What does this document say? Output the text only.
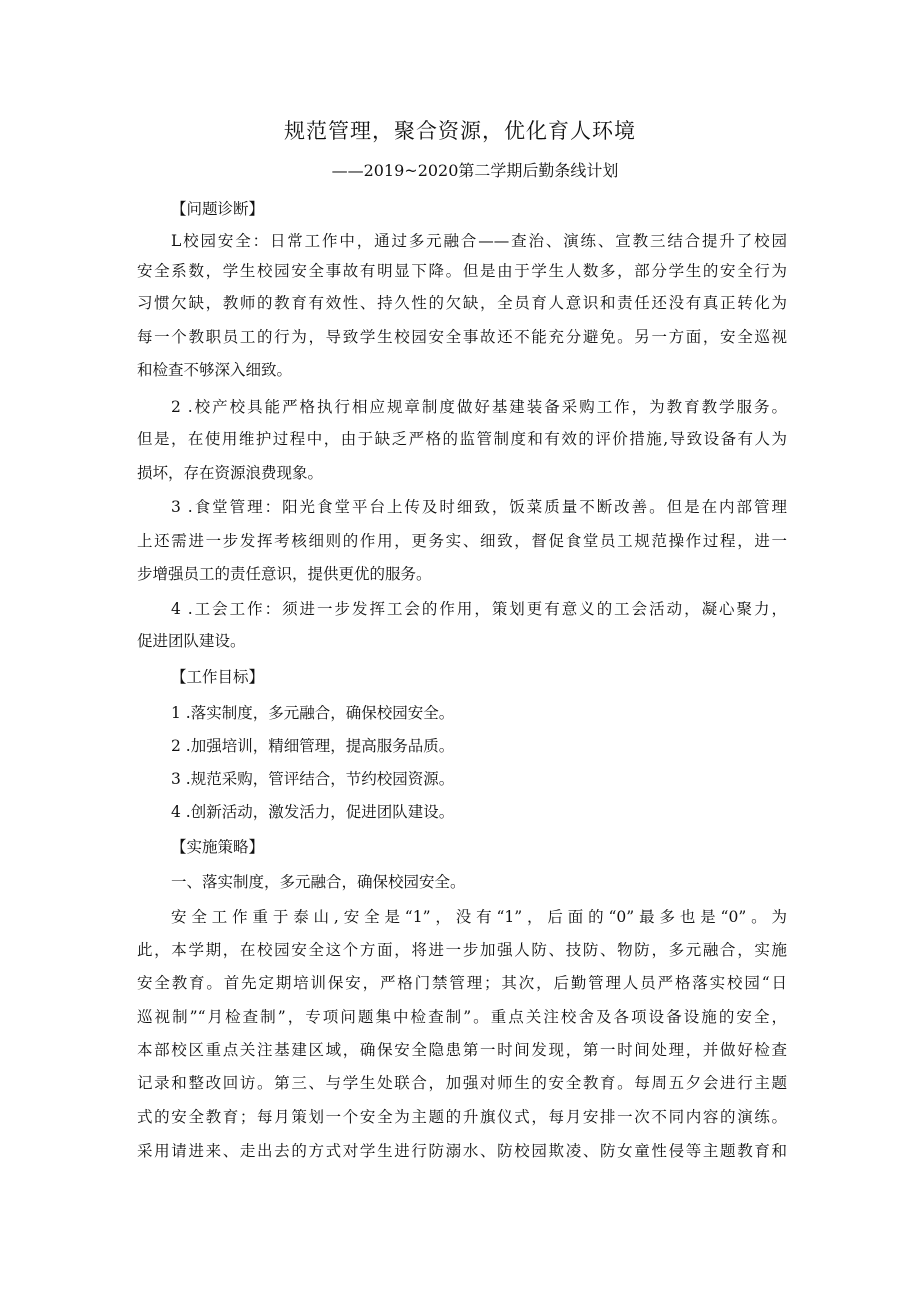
规范管理，聚合资源，优化育人环境
——2019~2020第二学期后勤条线计划
【问题诊断】
L校园安全：日常工作中，通过多元融合——查治、演练、宣教三结合提升了校园
安全系数，学生校园安全事故有明显下降。但是由于学生人数多，部分学生的安全行为
习惯欠缺，教师的教育有效性、持久性的欠缺，全员育人意识和责任还没有真正转化为
每一个教职员工的行为，导致学生校园安全事故还不能充分避免。另一方面，安全巡视
和检查不够深入细致。
2 .校产校具能严格执行相应规章制度做好基建装备采购工作，为教育教学服务。
但是，在使用维护过程中，由于缺乏严格的监管制度和有效的评价措施,导致设备有人为
损坏，存在资源浪费现象。
3 .食堂管理：阳光食堂平台上传及时细致，饭菜质量不断改善。但是在内部管理
上还需进一步发挥考核细则的作用，更务实、细致，督促食堂员工规范操作过程，进一
步增强员工的责任意识，提供更优的服务。
4 .工会工作：须进一步发挥工会的作用，策划更有意义的工会活动，凝心聚力，
促进团队建设。
【工作目标】
1 .落实制度，多元融合，确保校园安全。
2 .加强培训，精细管理，提高服务品质。
3 .规范采购，管评结合，节约校园资源。
4 .创新活动，激发活力，促进团队建设。
【实施策略】
一、落实制度，多元融合，确保校园安全。
安全工作重于泰山,安全是“1”，没有“1”，后面的“0”最多也是“0”。为
此，本学期，在校园安全这个方面，将进一步加强人防、技防、物防，多元融合，实施
安全教育。首先定期培训保安，严格门禁管理；其次，后勤管理人员严格落实校园“日
巡视制”“月检查制”，专项问题集中检查制”。重点关注校舍及各项设备设施的安全，
本部校区重点关注基建区域，确保安全隐患第一时间发现，第一时间处理，并做好检查
记录和整改回访。第三、与学生处联合，加强对师生的安全教育。每周五夕会进行主题
式的安全教育；每月策划一个安全为主题的升旗仪式，每月安排一次不同内容的演练。
采用请进来、走出去的方式对学生进行防溺水、防校园欺凌、防女童性侵等主题教育和
